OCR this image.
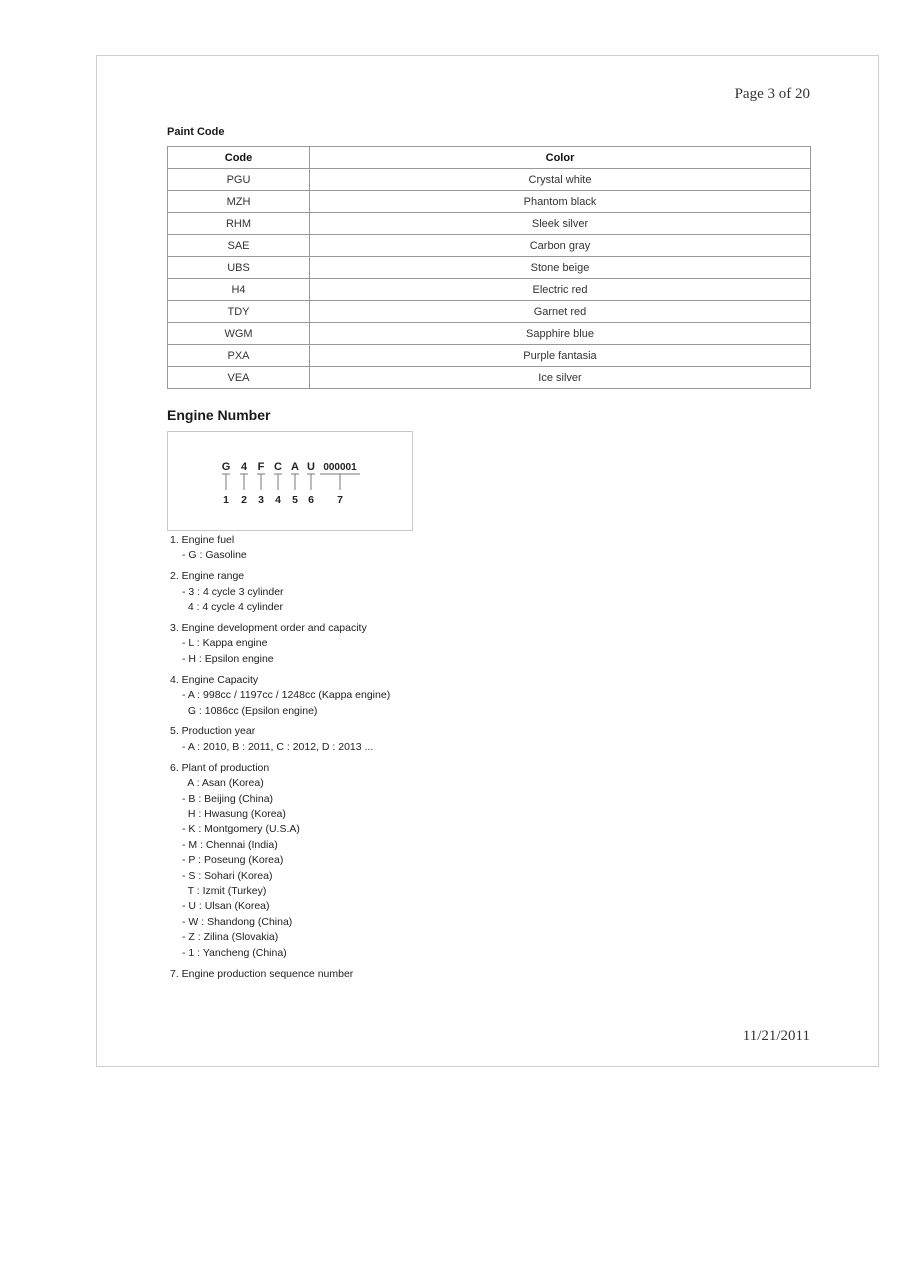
Page 3 of 20
Paint Code
Code	Color
PGU	Crystal white
MZH	Phantom black
RHM	Sleek silver
SAE	Carbon gray
UBS	Stone beige
H4	Electric red
TDY	Garnet red
WGM	Sapphire blue
PXA	Purple fantasia
VEA	Ice silver
Engine Number
G 4 F C A U 000001
1 2 3 4 5 6 7
1. Engine fuel
- G : Gasoline
2. Engine range
- 3 : 4 cycle 3 cylinder
4 : 4 cycle 4 cylinder
3. Engine development order and capacity
- L : Kappa engine
- H : Epsilon engine
4. Engine Capacity
- A : 998cc / 1197cc / 1248cc (Kappa engine)
G : 1086cc (Epsilon engine)
5. Production year
- A : 2010, B : 2011, C : 2012, D : 2013 ...
6. Plant of production
A : Asan (Korea)
- B : Beijing (China)
H : Hwasung (Korea)
- K : Montgomery (U.S.A)
- M : Chennai (India)
- P : Poseung (Korea)
- S : Sohari (Korea)
T : Izmit (Turkey)
- U : Ulsan (Korea)
- W : Shandong (China)
- Z : Zilina (Slovakia)
- 1 : Yancheng (China)
7. Engine production sequence number
11/21/2011
